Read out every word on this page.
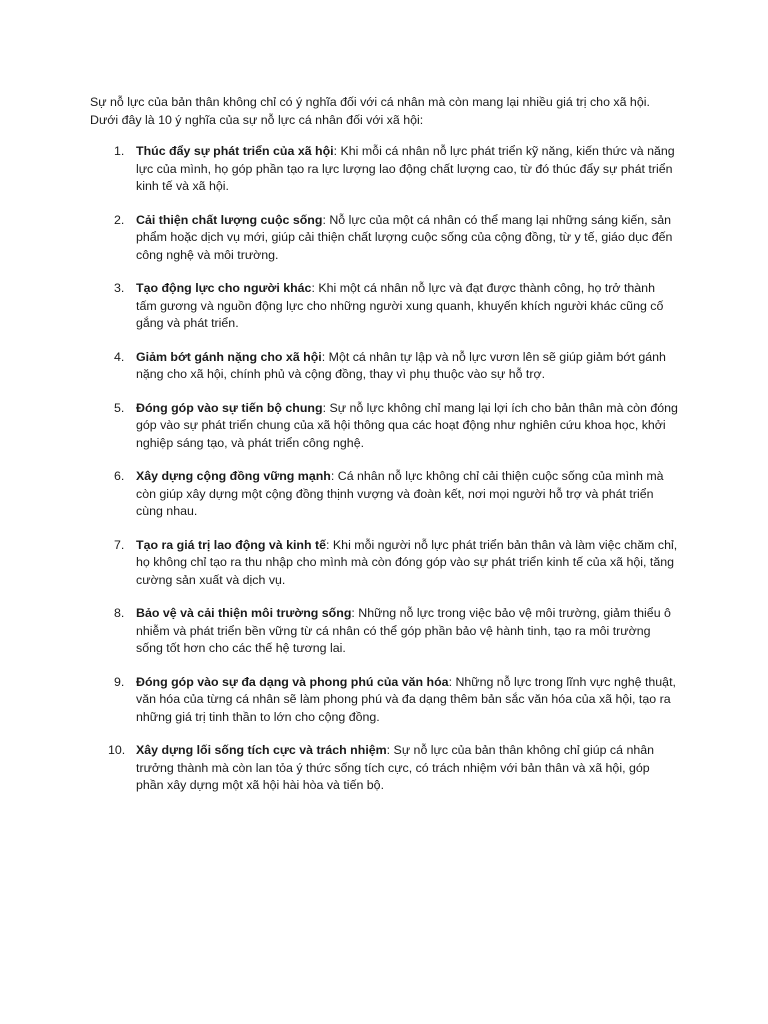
Sự nỗ lực của bản thân không chỉ có ý nghĩa đối với cá nhân mà còn mang lại nhiều giá trị cho xã hội.
Dưới đây là 10 ý nghĩa của sự nỗ lực cá nhân đối với xã hội:

1. Thúc đẩy sự phát triển của xã hội: Khi mỗi cá nhân nỗ lực phát triển kỹ năng, kiến thức và năng lực của mình, họ góp phần tạo ra lực lượng lao động chất lượng cao, từ đó thúc đẩy sự phát triển kinh tế và xã hội.
2. Cải thiện chất lượng cuộc sống: Nỗ lực của một cá nhân có thể mang lại những sáng kiến, sản phẩm hoặc dịch vụ mới, giúp cải thiện chất lượng cuộc sống của cộng đồng, từ y tế, giáo dục đến công nghệ và môi trường.
3. Tạo động lực cho người khác: Khi một cá nhân nỗ lực và đạt được thành công, họ trở thành tấm gương và nguồn động lực cho những người xung quanh, khuyến khích người khác cũng cố gắng và phát triển.
4. Giảm bớt gánh nặng cho xã hội: Một cá nhân tự lập và nỗ lực vươn lên sẽ giúp giảm bớt gánh nặng cho xã hội, chính phủ và cộng đồng, thay vì phụ thuộc vào sự hỗ trợ.
5. Đóng góp vào sự tiến bộ chung: Sự nỗ lực không chỉ mang lại lợi ích cho bản thân mà còn đóng góp vào sự phát triển chung của xã hội thông qua các hoạt động như nghiên cứu khoa học, khởi nghiệp sáng tạo, và phát triển công nghệ.
6. Xây dựng cộng đồng vững mạnh: Cá nhân nỗ lực không chỉ cải thiện cuộc sống của mình mà còn giúp xây dựng một cộng đồng thịnh vượng và đoàn kết, nơi mọi người hỗ trợ và phát triển cùng nhau.
7. Tạo ra giá trị lao động và kinh tế: Khi mỗi người nỗ lực phát triển bản thân và làm việc chăm chỉ, họ không chỉ tạo ra thu nhập cho mình mà còn đóng góp vào sự phát triển kinh tế của xã hội, tăng cường sản xuất và dịch vụ.
8. Bảo vệ và cải thiện môi trường sống: Những nỗ lực trong việc bảo vệ môi trường, giảm thiểu ô nhiễm và phát triển bền vững từ cá nhân có thể góp phần bảo vệ hành tinh, tạo ra môi trường sống tốt hơn cho các thế hệ tương lai.
9. Đóng góp vào sự đa dạng và phong phú của văn hóa: Những nỗ lực trong lĩnh vực nghệ thuật, văn hóa của từng cá nhân sẽ làm phong phú và đa dạng thêm bản sắc văn hóa của xã hội, tạo ra những giá trị tinh thần to lớn cho cộng đồng.
10. Xây dựng lối sống tích cực và trách nhiệm: Sự nỗ lực của bản thân không chỉ giúp cá nhân trưởng thành mà còn lan tỏa ý thức sống tích cực, có trách nhiệm với bản thân và xã hội, góp phần xây dựng một xã hội hài hòa và tiến bộ.
